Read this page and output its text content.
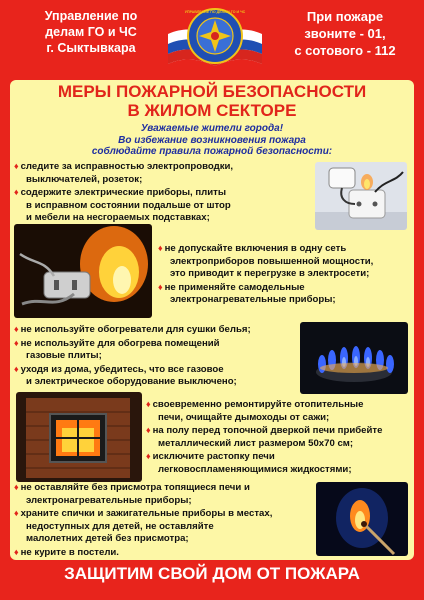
Управление по
делам ГО и ЧС
г. Сыктывкара
УПРАВЛЕНИЕ ПО ДЕЛАМ ГО И ЧС	При пожаре
звоните - 01,
с сотового - 112
МЕРЫ ПОЖАРНОЙ БЕЗОПАСНОСТИ
В ЖИЛОМ СЕКТОРЕ
Уважаемые жители города!
Во избежание возникновения пожара
соблюдайте правила пожарной безопасности:
♦ следите за исправностью электропроводки,
выключателей, розеток;
♦ содержите электрические приборы, плиты
в исправном состоянии подальше от штор
и мебели на несгораемых подставках;
♦ не допускайте включения в одну сеть
электроприборов повышенной мощности,
это приводит к перегрузке в электросети;
♦ не применяйте самодельные
электронагревательные приборы;
♦ не используйте обогреватели для сушки белья;
♦ не используйте для обогрева помещений
газовые плиты;
♦ уходя из дома, убедитесь, что все газовое
и электрическое оборудование выключено;
♦ своевременно ремонтируйте отопительные
печи, очищайте дымоходы от сажи;
♦ на полу перед топочной дверкой печи прибейте
металлический лист размером 50х70 см;
♦ исключите растопку печи
легковоспламеняющимися жидкостями;
♦ не оставляйте без присмотра топящиеся печи и
электронагревательные приборы;
♦ храните спички и зажигательные приборы в местах,
недоступных для детей, не оставляйте
малолетних детей без присмотра;
♦ не курите в постели.
ЗАЩИТИМ СВОЙ ДОМ ОТ ПОЖАРА
